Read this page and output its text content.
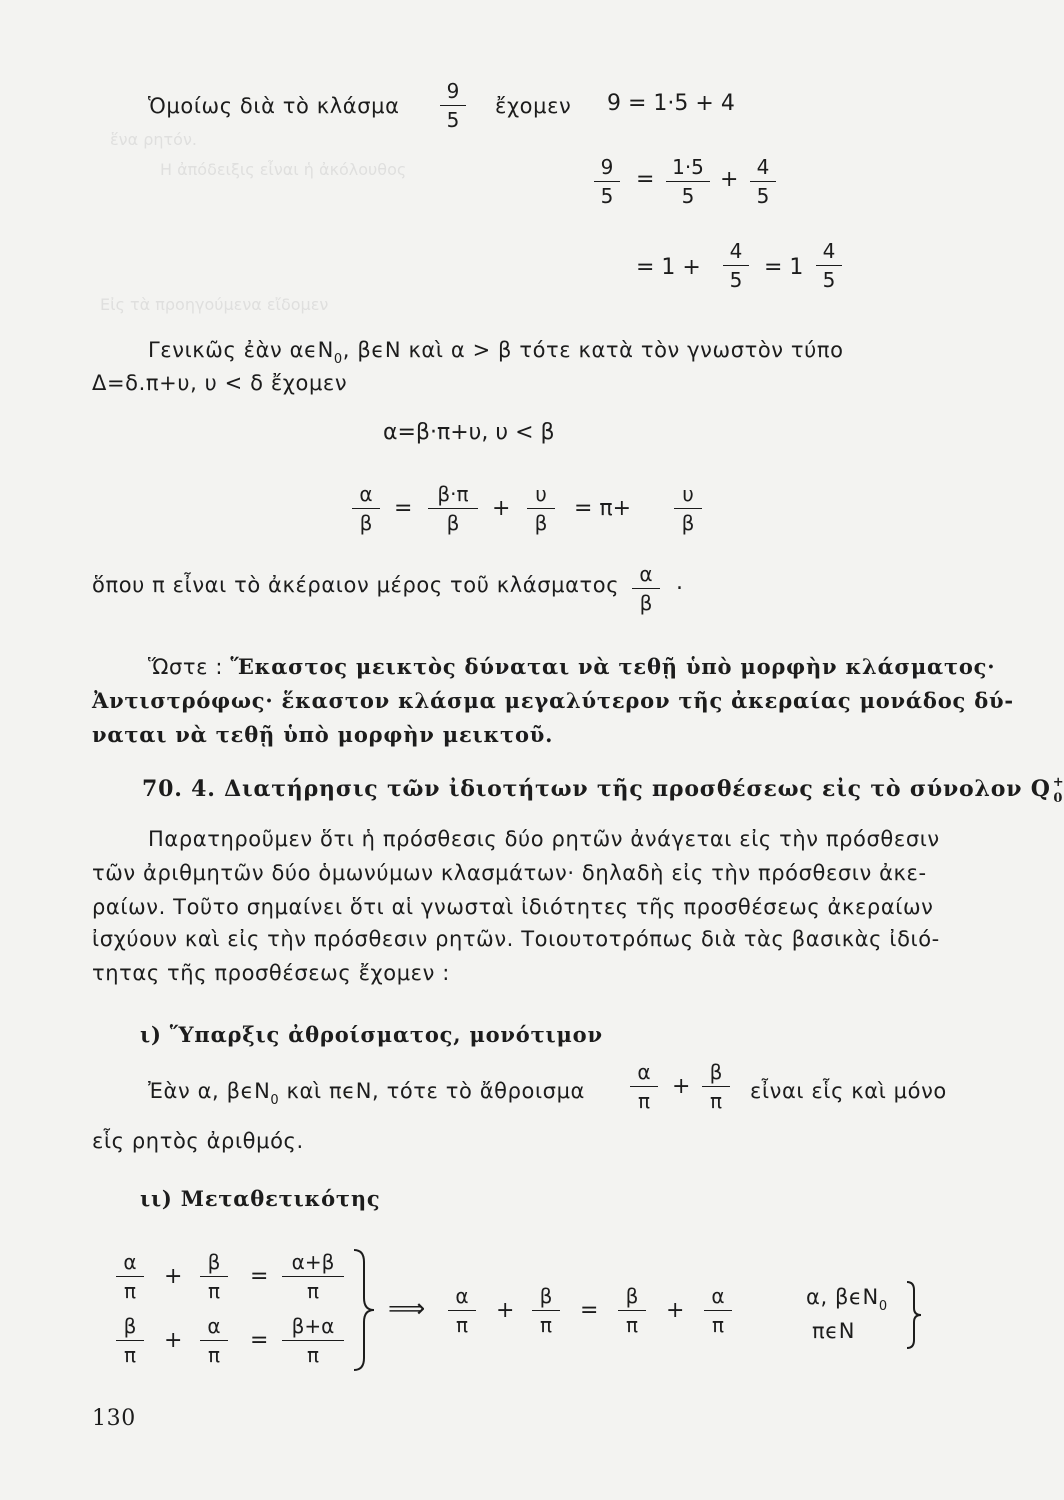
ἕνα ρητόν.
Η ἀπόδειξις εἶναι ἡ ἀκόλουθος
Εἰς τὰ προηγούμενα εἴδομεν
Ὁμοίως διὰ τὸ κλάσμα
9
5
ἔχομεν 9 = 1·5 + 4
9
5
= 1·5
5
+ 4
5
= 1 +
4
5 = 1
4
5
Γενικῶς ἐὰν αϵN$_0$, βϵN καὶ α > β τότε κατὰ τὸν γνωστὸν τύπο
Δ=δ.π+υ, υ < δ ἔχομεν
α=β·π+υ, υ < β
α
β
=
β·π
β
+
υ
β
= π+
υ
β
ὅπου π εἶναι τὸ ἀκέραιον μέρος τοῦ κλάσματος	α
β
.
Ὥστε : Ἕκαστος μεικτὸς δύναται νὰ τεθῇ ὑπὸ μορφὴν κλάσματος·
Ἀντιστρόφως· ἕκαστον κλάσμα μεγαλύτερον τῆς ἀκεραίας μονάδος δύ-
ναται νὰ τεθῇ ὑπὸ μορφὴν μεικτοῦ.
70. 4. Διατήρησις τῶν ἰδιοτήτων τῆς προσθέσεως εἰς τὸ σύνολον Q +$_0$
Παρατηροῦμεν ὅτι ἡ πρόσθεσις δύο ρητῶν ἀνάγεται εἰς τὴν πρόσθεσιν
τῶν ἀριθμητῶν δύο ὁμωνύμων κλασμάτων· δηλαδὴ εἰς τὴν πρόσθεσιν ἀκε-
ραίων. Τοῦτο σημαίνει ὅτι αἱ γνωσταὶ ἰδιότητες τῆς προσθέσεως ἀκεραίων
ἰσχύουν καὶ εἰς τὴν πρόσθεσιν ρητῶν. Τοιουτοτρόπως διὰ τὰς βασικὰς ἰδιό-
τητας τῆς προσθέσεως ἔχομεν :
ι) Ὕπαρξις ἀθροίσματος, μονότιμον
Ἐὰν α, βϵN$_0$ καὶ πϵN, τότε τὸ ἄθροισμα
α
π
+
β
π	εἶναι εἷς καὶ μόνο
εἷς ρητὸς ἀριθμός.
ιι) Μεταθετικότης
α
π
+
β
π
=
α+β
π
β
π
+
α
π
=
β+α
π
⟹	α
π
+
β
π
=
β
π
+
α
π
α, βϵN$_0$
πϵN
130
